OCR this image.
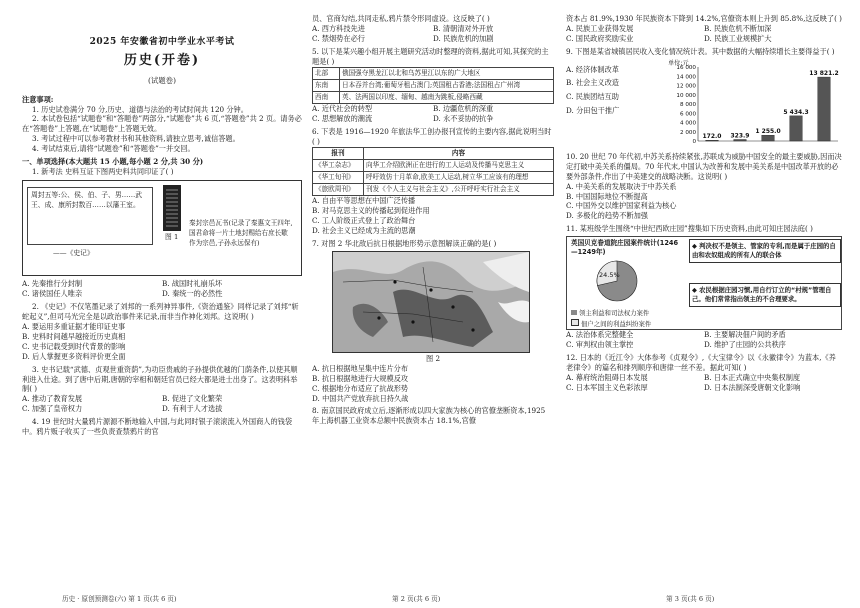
2025 年安徽省初中学业水平考试

历史(开卷)

(试题卷)

注意事项:

1. 历史试卷满分 70 分,历史、道德与法治的考试时间共 120 分钟。

2. 本试卷包括“试题卷”和“答题卷”两部分,“试题卷”共 6 页,“答题卷”共 2 页。请务必在“答题卷”上答题,在“试题卷”上答题无效。

3. 考试过程中可以参考教材书和其他资料,请独立思考,诚信答题。

4. 考试结束后,请将“试题卷”和“答题卷”一并交回。

一、单项选择(本大题共 15 小题,每小题 2 分,共 30 分)

1. 新考法 史料互证下图两史料共同印证了( )

周封五等:公、侯、伯、子、男……武王、成、康所封数百……以藩王室。

——《史记》

图 1

秦封宗邑瓦书(记录了秦惠文王四年,国君命将一片土地封赐给右庶长歜作为宗邑,子孙永远保有)
A. 先秦推行分封制	B. 战国时礼崩乐坏
C. 诸侯国任人唯亲	D. 秦统一的必然性

2. 《史记》不仅笔墨记录了刘邦的一系列神异事件,《资治通鉴》同样记录了刘邦“斩蛇起义”,但司马光完全是以政治事件来记录,而非当作神化刘邦。这说明( )

A. 要运用多重证据才能印证史事
B. 史料时间越早越接近历史真相
C. 史书记载受到时代背景的影响
D. 后人掌握更多资料评价更全面

3. 史书记载“武德、贞观世重资荫”,为功臣贵戚的子孙提供优越的门荫条件,以使其顺利进入仕途。到了唐中后期,唐朝的宰相和朝廷官员已经大都是进士出身了。这表明科举制( )

A. 推动了教育发展	B. 促进了文化繁荣
C. 加强了皇帝权力	D. 有利于人才选拔

4. 19 世纪时大量鸦片源源不断地输入中国,与此同时银子滚滚流入外国商人的钱袋中。鸦片贩子收买了一些负责查禁鸦片的官

历史 · 原创预测卷(六) 第 1 页(共 6 页)

员、官商勾结,共同走私,鸦片禁令形同虚设。这反映了( )

A. 西方科技先进	B. 清朝清对外开放
C. 禁烟势在必行	D. 民族危机的加剧

5. 以下是某兴趣小组开展主题研究活动时整理的资料,据此可知,其探究的主题是( )

北部	俄国强夺黑龙江以北和乌苏里江以东的广大地区
东南	日本吞并台湾;葡萄牙租占澳门;英国租占香港;法国租占广州湾
西南	英、法两国以印度、缅甸、越南为跳板,侵略西藏
A. 近代社会的转型	B. 边疆危机的深重
C. 思想解放的潮流	D. 永不妥协的抗争

6. 下表是 1916—1920 年旅法华工创办报刊宣传的主要内容,据此说明当时( )

报刊	内容
《华工杂志》	向华工介绍欧洲正在进行的工人运动及传播马克思主义
《华工旬刊》	呼吁效仿十月革命,欧美工人运动,树立华工应该有的理想
《旅欧周刊》	刊发《个人主义与社会主义》,公开呼吁实行社会主义
A. 自由平等思想在中国广泛传播
B. 对马克思主义的传播起到促进作用
C. 工人阶级正式登上了政治舞台
D. 社会主义已经成为主流的思潮

7. 对图 2 华北敌后抗日根据地形势示意图解读正确的是( )

图 2

A. 抗日根据地呈集中连片分布
B. 抗日根据地进行大规模反攻
C. 根据地分布适应了抗战形势
D. 中国共产党放弃抗日持久战

8. 南京国民政府成立后,逐渐形成以四大家族为核心的官僚垄断资本,1925 年上海机器工业资本总额中民族资本占 18.1%,官僚

第 2 页(共 6 页)

资本占 81.9%,1930 年民族资本下降到 14.2%,官僚资本则上升到 85.8%,这反映了( )

A. 民族工业获得发展	B. 民族危机不断加深
C. 国民政府奖励实业	D. 民族工业规模扩大

9. 下图是某省城镇居民收入变化情况统计表。其中数据的大幅持续增长主要得益于( )

A. 经济体制改革

B. 社会主义改造

C. 民族团结互助

D. 分田包干推广

单位:元
16 000
14 000
12 000
10 000
8 000
6 000
4 000
2 000
0
172.0 323.9
1 255.0
5 434.3
13 821.2

10. 20 世纪 70 年代初,中苏关系持续紧张,苏联成为威胁中国安全的最主要威胁,因而决定打破中美关系的僵局。70 年代末,中国认为改善和发展中美关系是中国改革开放的必要外部条件,作出了中美建交的战略决断。这说明( )

A. 中美关系的发展取决于中苏关系
B. 中国国际地位不断提高
C. 中国外交以维护国家利益为核心
D. 多极化的趋势不断加强

11. 某班级学生围绕“中世纪西欧庄园”搜集如下历史资料,由此可知庄园法庭( )

英国贝克眷道院庄园案件统计(1246—1249年)

24.5%

领主利益和司法权力案件

佃户之间的利益纠纷案件

◆ 判决权不是领主、管家的专利,而是属于庄园的自由和农奴组成的所有人的联合体
◆ 农民根据庄园习惯,用自行订立的“村规”管理自己。他们常常指出领主的不合理要求。
A. 法治体系完整健全	B. 主要解决佃户间的矛盾
C. 审判权由领主掌控	D. 维护了庄园的公共秩序

12. 日本的《近江令》大体参考《贞观令》,《大宝律令》以《永徽律令》为蓝本,《养老律令》的篇名和排列顺序和唐律一丝不差。据此可知( )

A. 幕府统治阻碍日本发展	B. 日本正式确立中央集权制度
C. 日本军国主义色彩浓厚	D. 日本法制深受唐朝文化影响

第 3 页(共 6 页)
